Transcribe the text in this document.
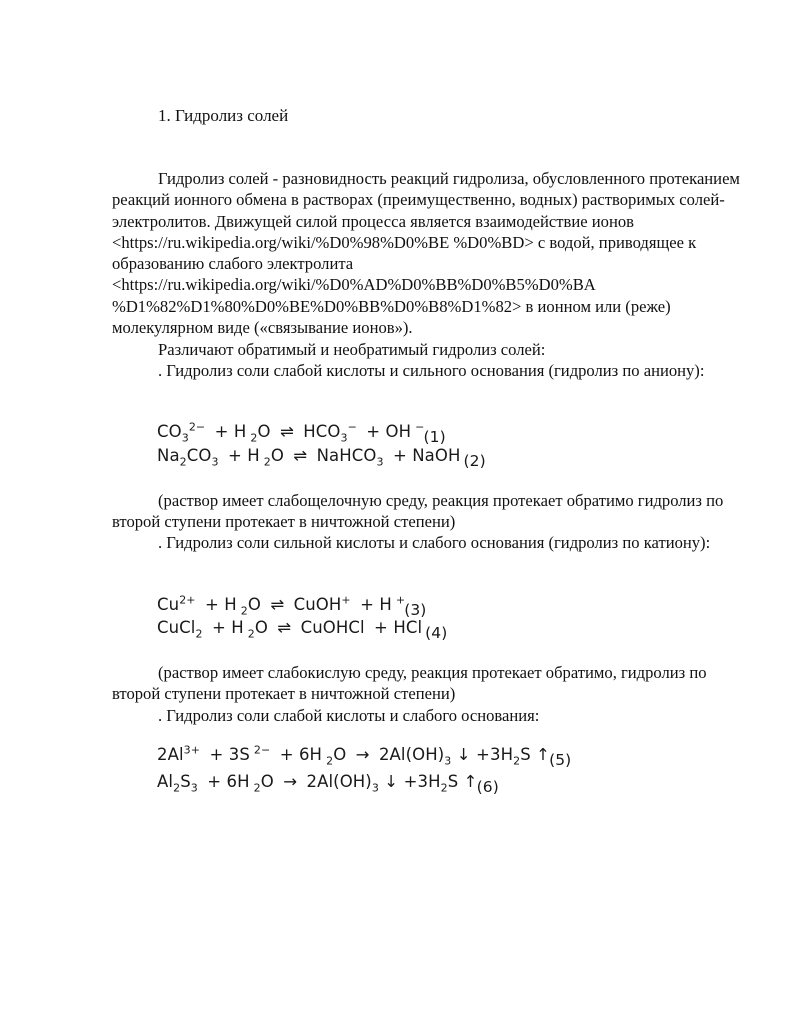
1. Гидролиз солей

Гидролиз солей - разновидность реакций гидролиза, обусловленного протеканием реакций ионного обмена в растворах (преимущественно, водных) растворимых солей-электролитов. Движущей силой процесса является взаимодействие ионов <https://ru.wikipedia.org/wiki/%D0%98%D0%BE %D0%BD> с водой, приводящее к образованию слабого электролита <https://ru.wikipedia.org/wiki/%D0%AD%D0%BB%D0%B5%D0%BA %D1%82%D1%80%D0%BE%D0%BB%D0%B8%D1%82> в ионном или (реже) молекулярном виде («связывание ионов»).

Различают обратимый и необратимый гидролиз солей:

. Гидролиз соли слабой кислоты и сильного основания (гидролиз по аниону):

$CO_3^{2-} + H$ $_2$O ⇌ $HCO_3^-$ + OH −(1)
$Na_2CO_3 + H$ $_2$O ⇌ NaHCO$_3$ + NaOH (2)

(раствор имеет слабощелочную среду, реакция протекает обратимо гидролиз по второй ступени протекает в ничтожной степени)

. Гидролиз соли сильной кислоты и слабого основания (гидролиз по катиону):

$Cu^{2+} + H$ $_2$O ⇌ CuOH+ + H +(3)
CuCl$_2$ + H $_2$O ⇌ CuOHCl + HCl (4)

(раствор имеет слабокислую среду, реакция протекает обратимо, гидролиз по второй ступени протекает в ничтожной степени)

. Гидролиз соли слабой кислоты и слабого основания:

$2Al^{3+} + 3S$ $^{2-}$ + 6H $_2O \to 2Al(OH)_3$ ↓ $+3H_2S$ ↑(5)
$Al_2S_3 + 6H$ $_2O \to 2Al(OH)_3$ ↓ $+3H_2S$ ↑(6)
